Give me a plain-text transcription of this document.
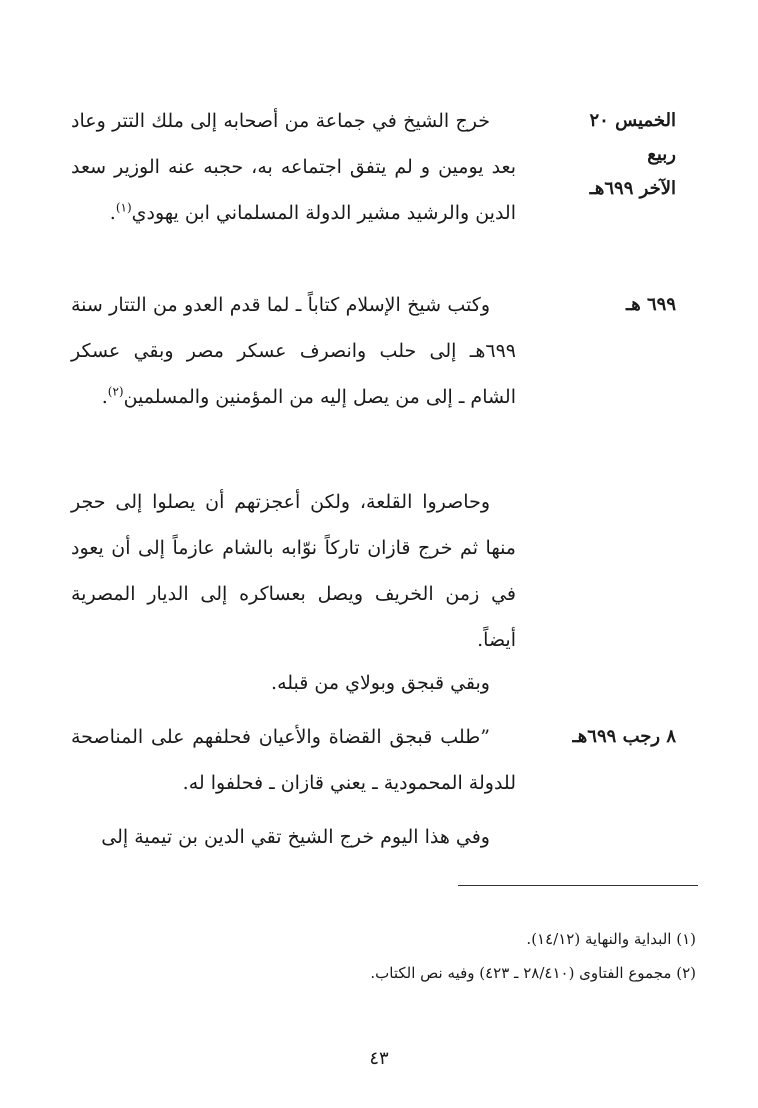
الخميس ٢٠ ربيع
الآخر ٦٩٩هـ
خرج الشيخ في جماعة من أصحابه إلى ملك التتر وعاد بعد يومين و لم يتفق اجتماعه به، حجبه عنه الوزير سعد الدين والرشيد مشير الدولة المسلماني ابن يهودي$^{(١)}$.
٦٩٩ هـ
وكتب شيخ الإسلام كتاباً ـ لما قدم العدو من التتار سنة ٦٩٩هـ إلى حلب وانصرف عسكر مصر وبقي عسكر الشام ـ إلى من يصل إليه من المؤمنين والمسلمين$^{(٢)}$.
وحاصروا القلعة، ولكن أعجزتهم أن يصلوا إلى حجر منها ثم خرج قازان تاركاً نوّابه بالشام عازماً إلى أن يعود في زمن الخريف ويصل بعساكره إلى الديار المصرية أيضاً.
وبقي قبجق وبولاي من قبله.
٨ رجب ٦٩٩هـ
”طلب قبجق القضاة والأعيان فحلفهم على المناصحة للدولة المحمودية ـ يعني قازان ـ فحلفوا له.
وفي هذا اليوم خرج الشيخ تقي الدين بن تيمية إلى
(١) البداية والنهاية (١٤/١٢).
(٢) مجموع الفتاوى (٢٨/٤١٠ ـ ٤٢٣) وفيه نص الكتاب.
٤٣
